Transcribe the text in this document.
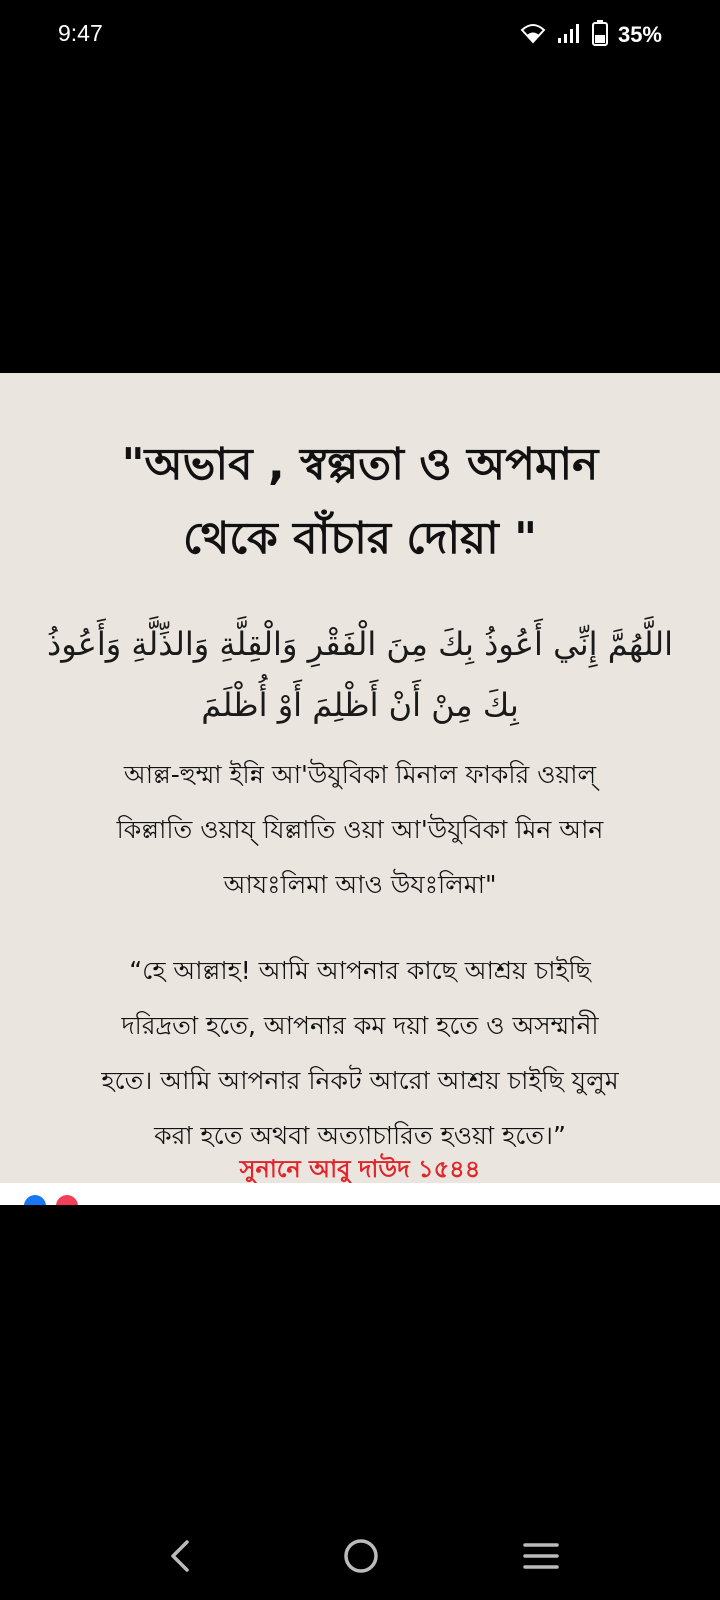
9:47	35%
"অভাব , স্বল্পতা ও অপমান
থেকে বাঁচার দোয়া "
اللَّهُمَّ إِنِّي أَعُوذُ بِكَ مِنَ الْفَقْرِ وَالْقِلَّةِ وَالذِّلَّةِ وَأَعُوذُ
بِكَ مِنْ أَنْ أَظْلِمَ أَوْ أُظْلَمَ
আল্ল-হুম্মা ইন্নি আ'উযুবিকা মিনাল ফাকরি ওয়াল্
কিল্লাতি ওয়ায্ যিল্লাতি ওয়া আ'উযুবিকা মিন আন
আযঃলিমা আও উযঃলিমা"
“হে আল্লাহ! আমি আপনার কাছে আশ্রয় চাইছি
দরিদ্রতা হতে, আপনার কম দয়া হতে ও অসম্মানী
হতে। আমি আপনার নিকট আরো আশ্রয় চাইছি যুলুম
করা হতে অথবা অত্যাচারিত হওয়া হতে।”
সুনানে আবু দাউদ ১৫৪৪
